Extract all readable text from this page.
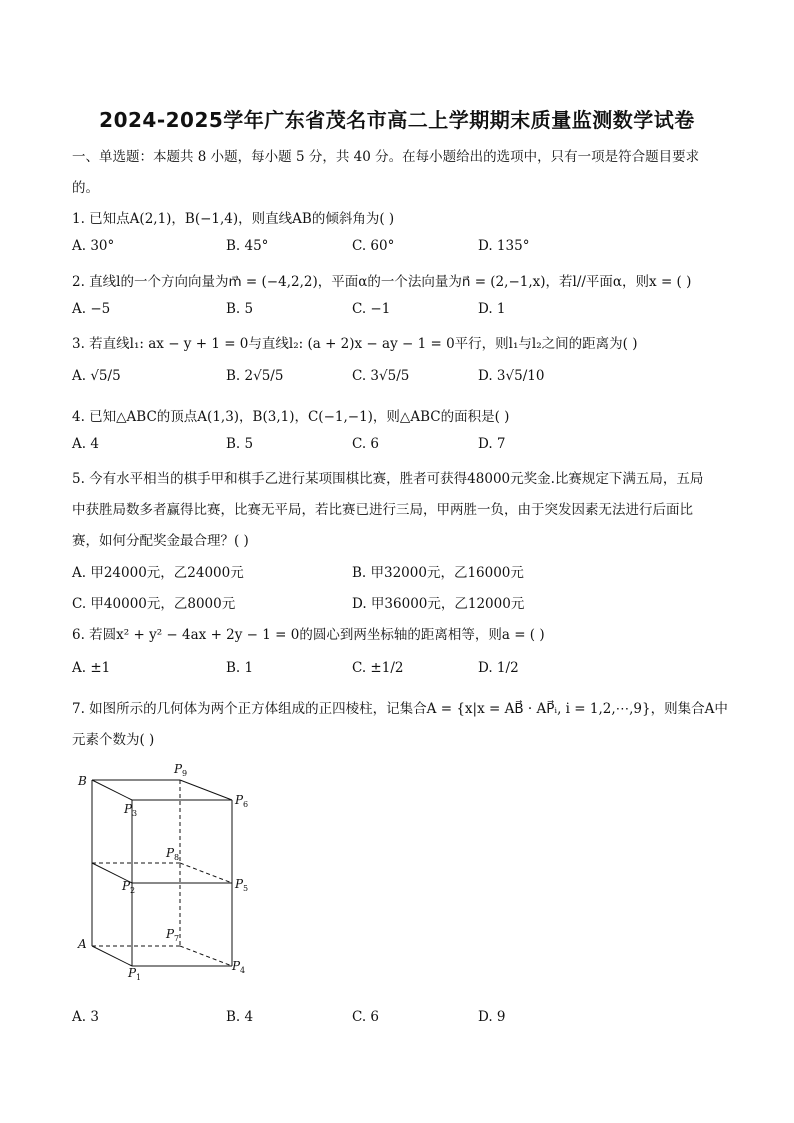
2024-2025学年广东省茂名市高二上学期期末质量监测数学试卷
一、单选题：本题共 8 小题，每小题 5 分，共 40 分。在每小题给出的选项中，只有一项是符合题目要求
的。
1. 已知点A(2,1)，B(−1,4)，则直线AB的倾斜角为( )
A. 30°	B. 45°	C. 60°	D. 135°
2. 直线l的一个方向向量为m⃗ = (−4,2,2)，平面α的一个法向量为n⃗ = (2,−1,x)，若l//平面α，则x = ( )
A. −5	B. 5	C. −1	D. 1
3. 若直线l₁: ax − y + 1 = 0与直线l₂: (a + 2)x − ay − 1 = 0平行，则l₁与l₂之间的距离为( )
A. √5/5	B. 2√5/5	C. 3√5/5	D. 3√5/10
4. 已知△ABC的顶点A(1,3)，B(3,1)，C(−1,−1)，则△ABC的面积是( )
A. 4	B. 5	C. 6	D. 7
5. 今有水平相当的棋手甲和棋手乙进行某项围棋比赛，胜者可获得48000元奖金.比赛规定下满五局，五局
中获胜局数多者赢得比赛，比赛无平局，若比赛已进行三局，甲两胜一负，由于突发因素无法进行后面比
赛，如何分配奖金最合理？( )
A. 甲24000元，乙24000元	B. 甲32000元，乙16000元
C. 甲40000元，乙8000元	D. 甲36000元，乙12000元
6. 若圆x² + y² − 4ax + 2y − 1 = 0的圆心到两坐标轴的距离相等，则a = ( )
A. ±1	B. 1	C. ±1/2	D. 1/2
7. 如图所示的几何体为两个正方体组成的正四棱柱，记集合A = {x|x = AB⃗ · AP⃗ᵢ, i = 1,2,⋯,9}，则集合A中
元素个数为( )
B
P 9
P 3
P 6
P 8
P 2	P 5
A
P 7
P 1
P 4
A. 3	B. 4	C. 6	D. 9
